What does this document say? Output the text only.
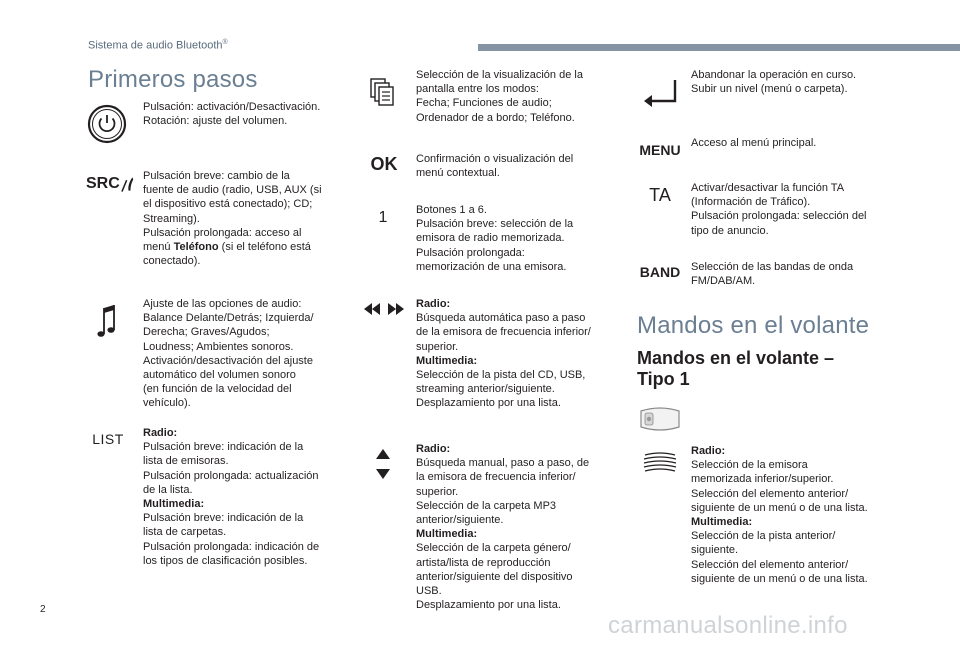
Sistema de audio Bluetooth®
Primeros pasos
Pulsación: activación/Desactivación.
Rotación: ajuste del volumen.
SRC Pulsación breve: cambio de la
fuente de audio (radio, USB, AUX (si
el dispositivo está conectado); CD;
Streaming).
Pulsación prolongada: acceso al
menú Teléfono (si el teléfono está
conectado).
Ajuste de las opciones de audio:
Balance Delante/Detrás; Izquierda/
Derecha; Graves/Agudos;
Loudness; Ambientes sonoros.
Activación/desactivación del ajuste
automático del volumen sonoro
(en función de la velocidad del
vehículo).
LIST Radio:
Pulsación breve: indicación de la
lista de emisoras.
Pulsación prolongada: actualización
de la lista.
Multimedia:
Pulsación breve: indicación de la
lista de carpetas.
Pulsación prolongada: indicación de
los tipos de clasificación posibles.
Selección de la visualización de la
pantalla entre los modos:
Fecha; Funciones de audio;
Ordenador de a bordo; Teléfono.
OK Confirmación o visualización del
menú contextual.
1	Botones 1 a 6.
Pulsación breve: selección de la
emisora de radio memorizada.
Pulsación prolongada:
memorización de una emisora.
Radio:
Búsqueda automática paso a paso
de la emisora de frecuencia inferior/
superior.
Multimedia:
Selección de la pista del CD, USB,
streaming anterior/siguiente.
Desplazamiento por una lista.
Radio:
Búsqueda manual, paso a paso, de
la emisora de frecuencia inferior/
superior.
Selección de la carpeta MP3
anterior/siguiente.
Multimedia:
Selección de la carpeta género/
artista/lista de reproducción
anterior/siguiente del dispositivo
USB.
Desplazamiento por una lista.
Abandonar la operación en curso.
Subir un nivel (menú o carpeta).
MENU Acceso al menú principal.
TA Activar/desactivar la función TA
(Información de Tráfico).
Pulsación prolongada: selección del
tipo de anuncio.
BAND Selección de las bandas de onda
FM/DAB/AM.
Mandos en el volante
Mandos en el volante –
Tipo 1
Radio:
Selección de la emisora
memorizada inferior/superior.
Selección del elemento anterior/
siguiente de un menú o de una lista.
Multimedia:
Selección de la pista anterior/
siguiente.
Selección del elemento anterior/
siguiente de un menú o de una lista.
2
carmanualsonline.info
